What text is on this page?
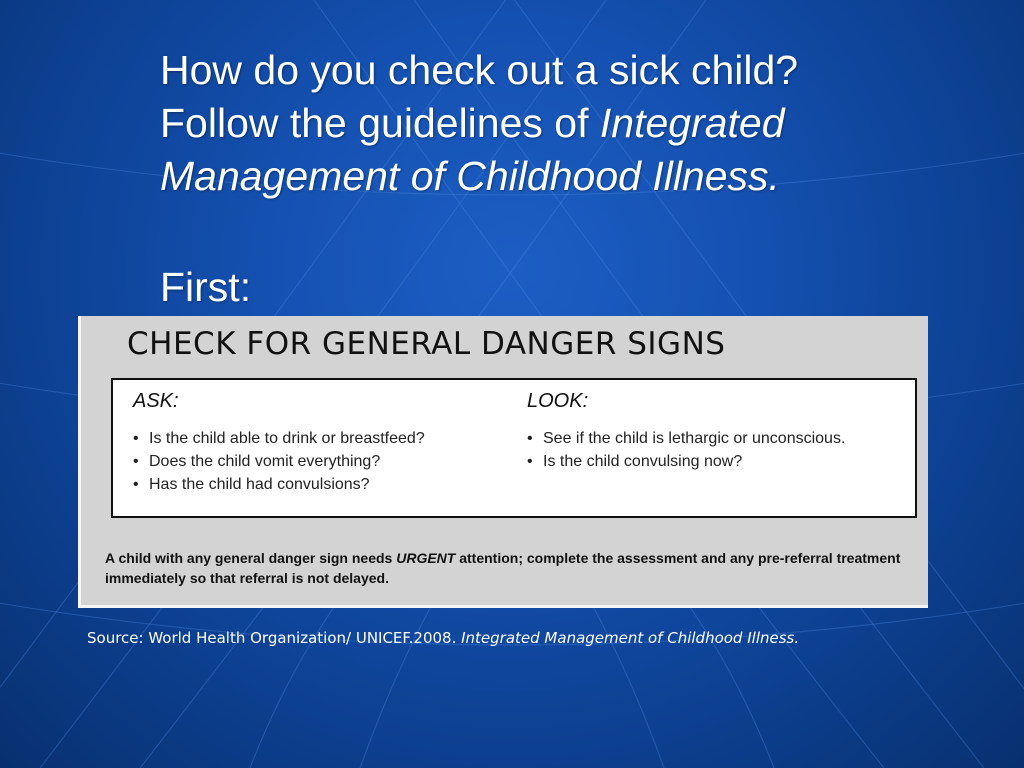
How do you check out a sick child?
Follow the guidelines of Integrated
Management of Childhood Illness.
First:
CHECK FOR GENERAL DANGER SIGNS
ASK:
• Is the child able to drink or breastfeed?
• Does the child vomit everything?
• Has the child had convulsions?
LOOK:
• See if the child is lethargic or unconscious.
• Is the child convulsing now?
A child with any general danger sign needs URGENT attention; complete the assessment and any pre-referral treatment immediately so that referral is not delayed.
Source: World Health Organization/ UNICEF.2008. Integrated Management of Childhood Illness.
